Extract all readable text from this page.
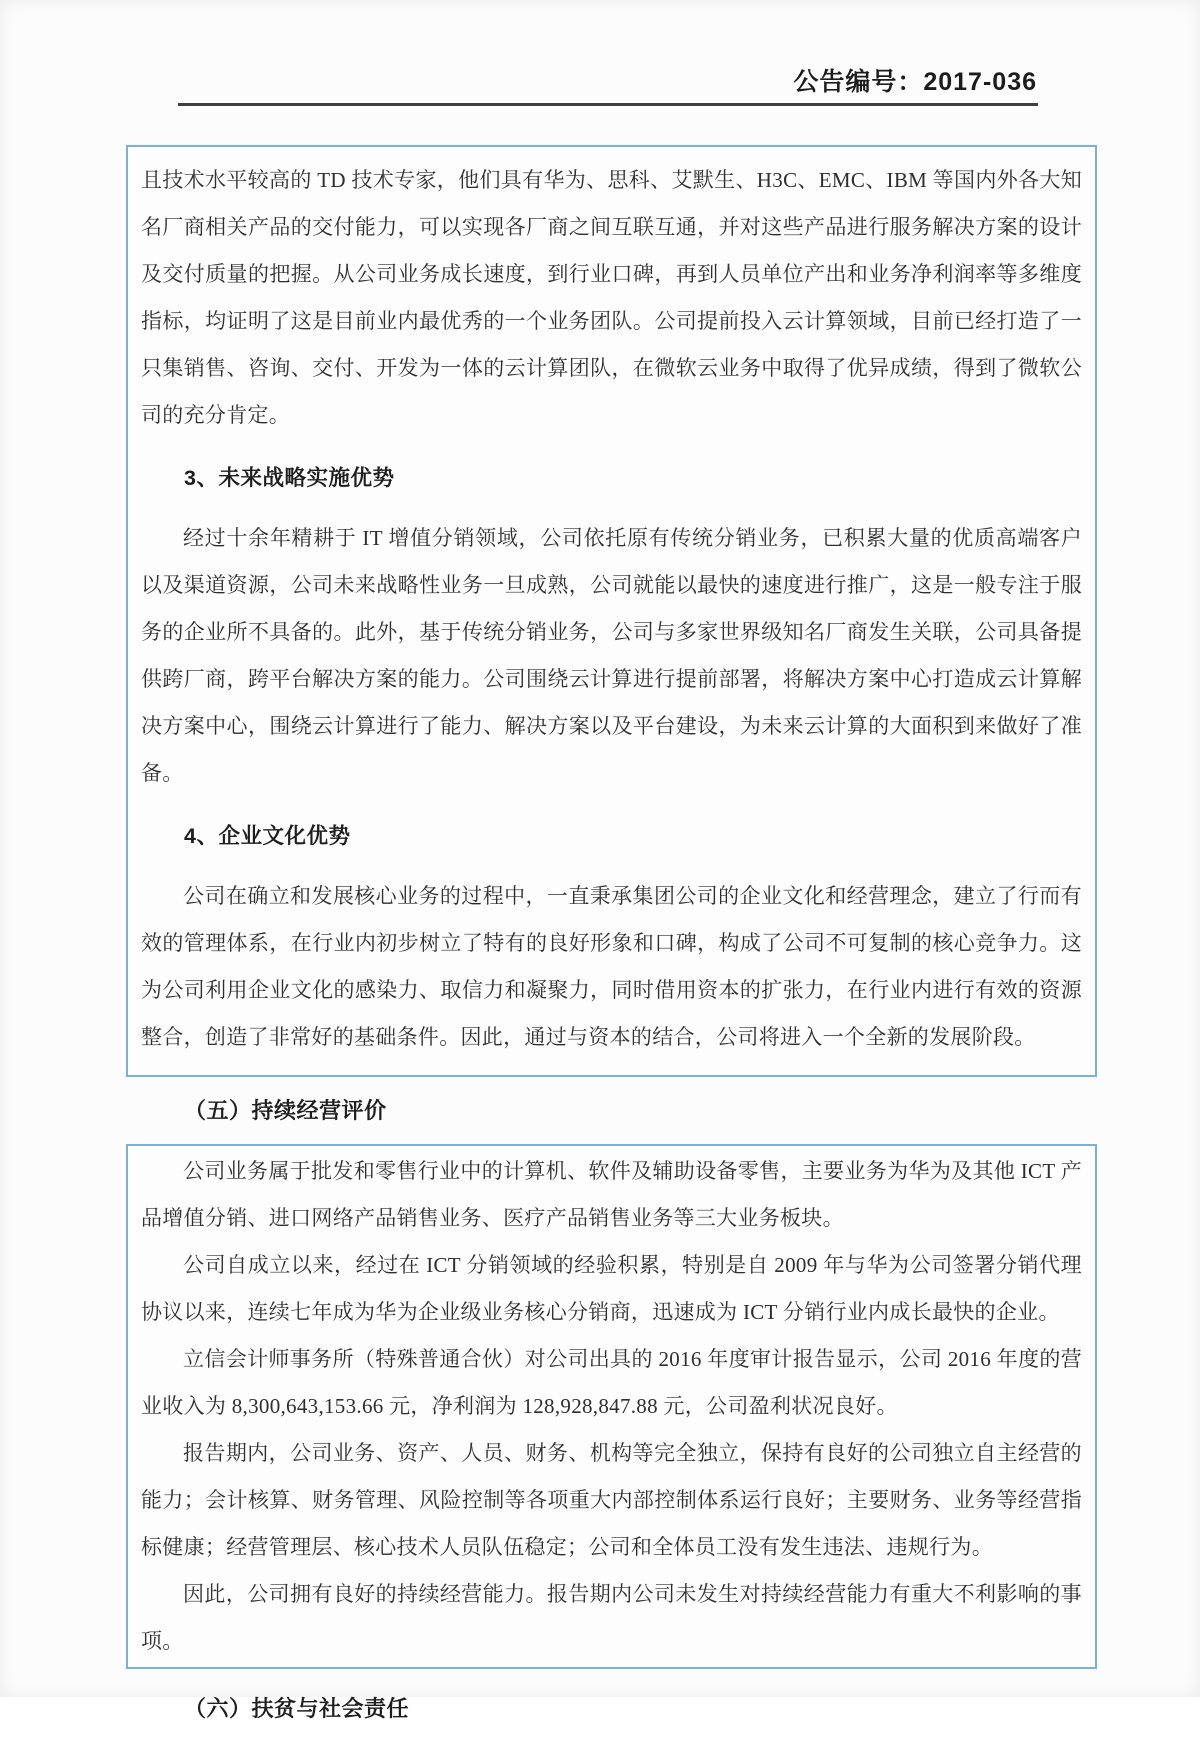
公告编号：2017-036

且技术水平较高的 TD 技术专家，他们具有华为、思科、艾默生、H3C、EMC、IBM 等国内外各大知名厂商相关产品的交付能力，可以实现各厂商之间互联互通，并对这些产品进行服务解决方案的设计及交付质量的把握。从公司业务成长速度，到行业口碑，再到人员单位产出和业务净利润率等多维度指标，均证明了这是目前业内最优秀的一个业务团队。公司提前投入云计算领域，目前已经打造了一只集销售、咨询、交付、开发为一体的云计算团队，在微软云业务中取得了优异成绩，得到了微软公司的充分肯定。

3、未来战略实施优势

经过十余年精耕于 IT 增值分销领域，公司依托原有传统分销业务，已积累大量的优质高端客户以及渠道资源，公司未来战略性业务一旦成熟，公司就能以最快的速度进行推广，这是一般专注于服务的企业所不具备的。此外，基于传统分销业务，公司与多家世界级知名厂商发生关联，公司具备提供跨厂商，跨平台解决方案的能力。公司围绕云计算进行提前部署，将解决方案中心打造成云计算解决方案中心，围绕云计算进行了能力、解决方案以及平台建设，为未来云计算的大面积到来做好了准备。

4、企业文化优势

公司在确立和发展核心业务的过程中，一直秉承集团公司的企业文化和经营理念，建立了行而有效的管理体系，在行业内初步树立了特有的良好形象和口碑，构成了公司不可复制的核心竞争力。这为公司利用企业文化的感染力、取信力和凝聚力，同时借用资本的扩张力，在行业内进行有效的资源整合，创造了非常好的基础条件。因此，通过与资本的结合，公司将进入一个全新的发展阶段。

（五）持续经营评价

公司业务属于批发和零售行业中的计算机、软件及辅助设备零售，主要业务为华为及其他 ICT 产品增值分销、进口网络产品销售业务、医疗产品销售业务等三大业务板块。

公司自成立以来，经过在 ICT 分销领域的经验积累，特别是自 2009 年与华为公司签署分销代理协议以来，连续七年成为华为企业级业务核心分销商，迅速成为 ICT 分销行业内成长最快的企业。

立信会计师事务所（特殊普通合伙）对公司出具的 2016 年度审计报告显示，公司 2016 年度的营业收入为 8,300,643,153.66 元，净利润为 128,928,847.88 元，公司盈利状况良好。

报告期内，公司业务、资产、人员、财务、机构等完全独立，保持有良好的公司独立自主经营的能力；会计核算、财务管理、风险控制等各项重大内部控制体系运行良好；主要财务、业务等经营指标健康；经营管理层、核心技术人员队伍稳定；公司和全体员工没有发生违法、违规行为。

因此，公司拥有良好的持续经营能力。报告期内公司未发生对持续经营能力有重大不利影响的事项。

（六）扶贫与社会责任
